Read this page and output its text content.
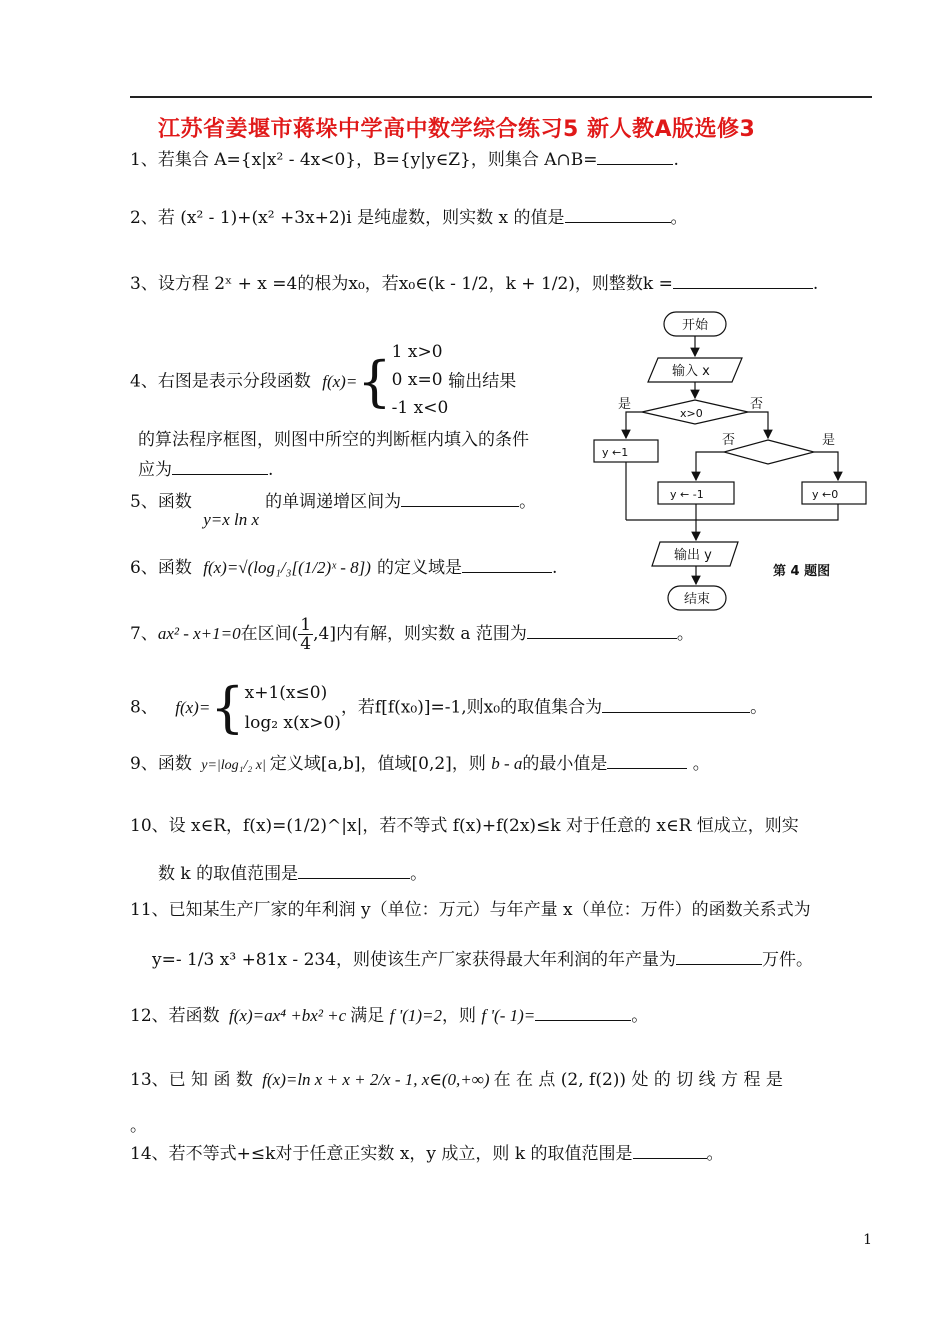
江苏省姜堰市蒋垛中学高中数学综合练习5 新人教A版选修3
1、若集合 A={x|x² - 4x<0}，B={y|y∈Z}，则集合 A∩B=	.
2、若 (x² - 1)+(x² +3x+2)i 是纯虚数，则实数 x 的值是	。
3、设方程 2ˣ + x =4的根为x₀，若x₀∈(k - 1/2，k + 1/2)，则整数k =	.
4、右图是表示分段函数 f(x)={ 1 x>0
0 x=0
-1 x<0
输出结果
的算法程序框图，则图中所空的判断框内填入的条件
应为	.
5、函数 y=x ln x的单调递增区间为	。
6、函数 f(x)=√(log₁/₃[(1/2)ˣ - 8]) 的定义域是	.
7、ax² - x+1=0在区间( $\frac{1}{4} ,4$]内有解，则实数 a 范围为	。
8、 f(x)={ x+1(x≤0)
log₂ x(x>0)
，若f[f(x₀)]=-1,则x₀的取值集合为	。
9、函数 y=|log₁/₂ x| 定义域[a,b]，值域[0,2]，则 b - a的最小值是	。
10、设 x∈R，f(x)=(1/2)^|x|，若不等式 f(x)+f(2x)≤k 对于任意的 x∈R 恒成立，则实
数 k 的取值范围是	。
11、已知某生产厂家的年利润 y（单位：万元）与年产量 x（单位：万件）的函数关系式为
y=- 1/3 x³ +81x - 234，则使该生产厂家获得最大年利润的年产量为	万件。
12、若函数 f(x)=ax⁴ +bx² +c 满足 f '(1)=2，则 f '(- 1)=	。
13、已 知 函 数 f(x)=ln x + x + 2/x - 1, x∈(0,+∞) 在 在 点 (2, f(2)) 处 的 切 线 方 程 是
。
14、若不等式+≤k对于任意正实数 x，y 成立，则 k 的取值范围是	。
开始
输入 x
x>0
是	否
y ←1
否	是
y ← -1	y ←0
输出 y
结束
第 4 题图
1
